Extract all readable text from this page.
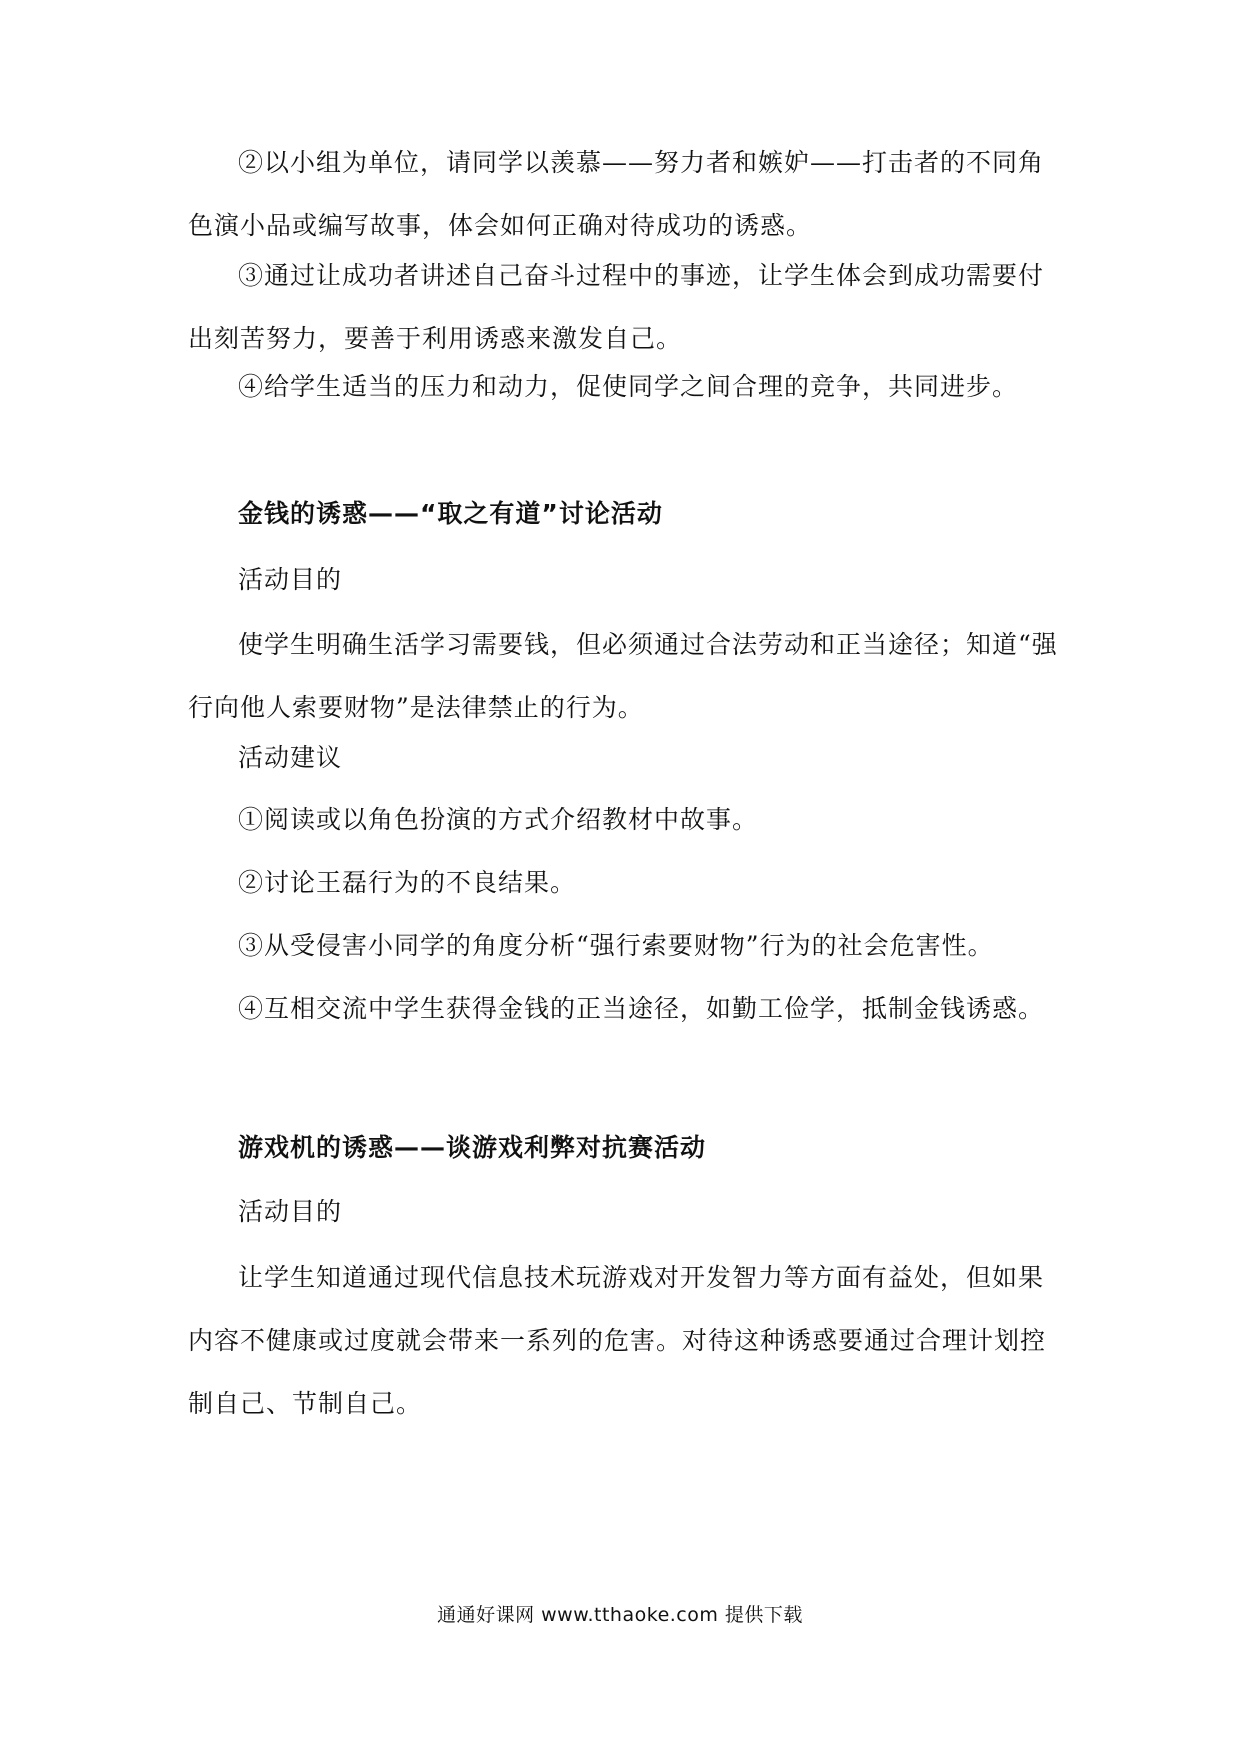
②以小组为单位，请同学以羡慕——努力者和嫉妒——打击者的不同角色演小品或编写故事，体会如何正确对待成功的诱惑。
③通过让成功者讲述自己奋斗过程中的事迹，让学生体会到成功需要付出刻苦努力，要善于利用诱惑来激发自己。
④给学生适当的压力和动力，促使同学之间合理的竞争，共同进步。
金钱的诱惑——“取之有道”讨论活动
活动目的
使学生明确生活学习需要钱，但必须通过合法劳动和正当途径；知道“强行向他人索要财物”是法律禁止的行为。
活动建议
①阅读或以角色扮演的方式介绍教材中故事。
②讨论王磊行为的不良结果。
③从受侵害小同学的角度分析“强行索要财物”行为的社会危害性。
④互相交流中学生获得金钱的正当途径，如勤工俭学，抵制金钱诱惑。
游戏机的诱惑——谈游戏利弊对抗赛活动
活动目的
让学生知道通过现代信息技术玩游戏对开发智力等方面有益处，但如果内容不健康或过度就会带来一系列的危害。对待这种诱惑要通过合理计划控制自己、节制自己。
通通好课网 www.tthaoke.com 提供下载
